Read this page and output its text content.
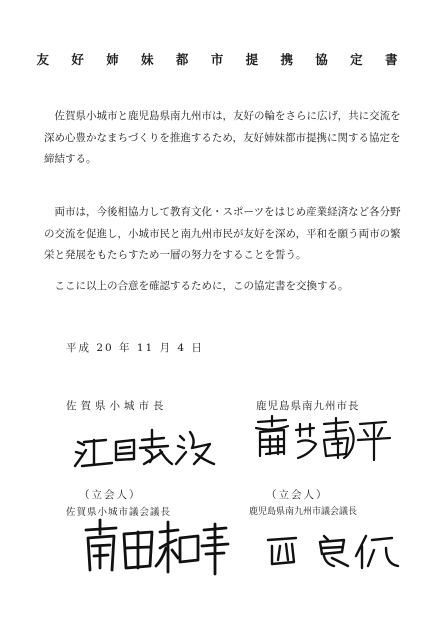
友 好 姉 妹 都 市 提 携 協 定 書

　佐賀県小城市と鹿児島県南九州市は，友好の輪をさらに広げ，共に交流を深め心豊かなまちづくりを推進するため，友好姉妹都市提携に関する協定を締結する。

　両市は，今後相協力して教育文化・スポーツをはじめ産業経済など各分野の交流を促進し，小城市民と南九州市民が友好を深め，平和を願う両市の繁栄と発展をもたらすため一層の努力をすることを誓う。

　ここに以上の合意を確認するために，この協定書を交換する。

平成 20 年 11 月 4 日
佐賀県小城市長	鹿児島県南九州市長
（立会人）	（立会人）
佐賀県小城市議会議長	鹿児島県南九州市議会議長
